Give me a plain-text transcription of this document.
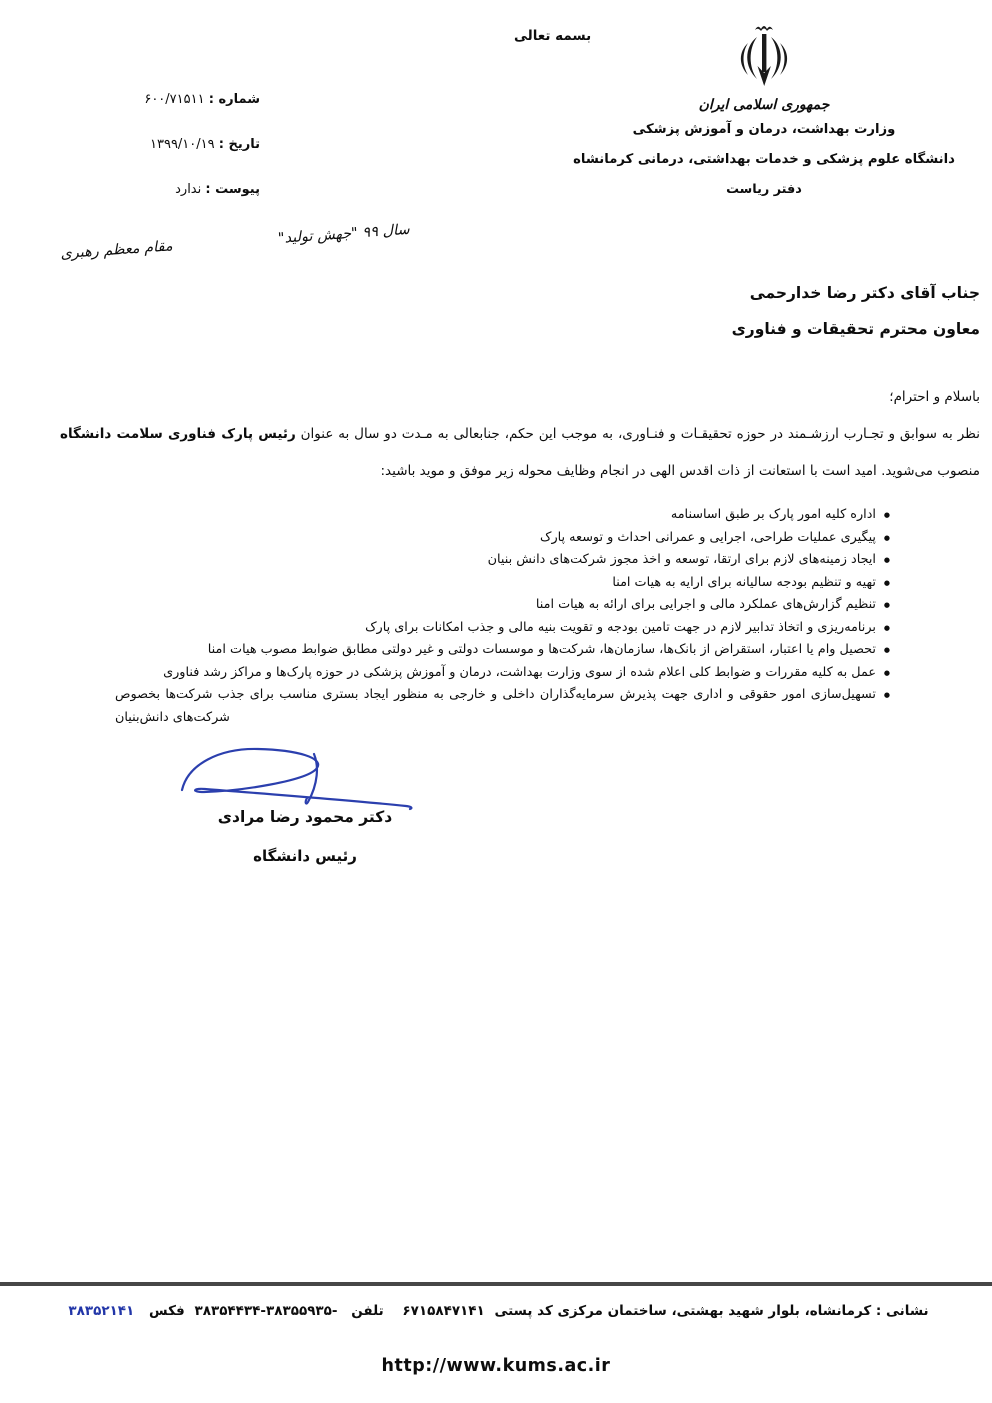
بسمه تعالی
جمهوری اسلامی ایران
وزارت بهداشت، درمان و آموزش پزشکی
دانشگاه علوم پزشکی و خدمات بهداشتی، درمانی کرمانشاه
دفتر ریاست
شماره : ۶۰۰/۷۱۵۱۱
تاریخ : ۱۳۹۹/۱۰/۱۹
پیوست : ندارد
سال ۹۹ "جهش تولید"
مقام معظم رهبری
جناب آقای دکتر رضا خدارحمی
معاون محترم تحقیقات و فناوری
باسلام و احترام؛

نظر به سوابق و تجـارب ارزشـمند در حوزه تحقیقـات و فنـاوری، به موجب این حکم، جنابعالی به مـدت دو سال به عنوان رئیس پارک فناوری سلامت دانشگاه منصوب می‌شوید. امید است با استعانت از ذات اقدس الهی در انجام وظایف محوله زیر موفق و موید باشید:

● اداره کلیه امور پارک بر طبق اساسنامه
● پیگیری عملیات طراحی، اجرایی و عمرانی احداث و توسعه پارک
● ایجاد زمینه‌های لازم برای ارتقا، توسعه و اخذ مجوز شرکت‌های دانش بنیان
● تهیه و تنظیم بودجه سالیانه برای ارایه به هیات امنا
● تنظیم گزارش‌های عملکرد مالی و اجرایی برای ارائه به هیات امنا
● برنامه‌ریزی و اتخاذ تدابیر لازم در جهت تامین بودجه و تقویت بنیه مالی و جذب امکانات برای پارک
● تحصیل وام یا اعتبار، استقراض از بانک‌ها، سازمان‌ها، شرکت‌ها و موسسات دولتی و غیر دولتی مطابق ضوابط مصوب هیات امنا
● عمل به کلیه مقررات و ضوابط کلی اعلام شده از سوی وزارت بهداشت، درمان و آموزش پزشکی در حوزه پارک‌ها و مراکز رشد فناوری
● تسهیل‌سازی امور حقوقی و اداری جهت پذیرش سرمایه‌گذاران داخلی و خارجی به منظور ایجاد بستری مناسب برای جذب شرکت‌ها بخصوص شرکت‌های دانش‌بنیان
دکتر محمود رضا مرادی
رئیس دانشگاه
نشانی : کرمانشاه، بلوار شهید بهشتی، ساختمان مرکزی کد پستی ۶۷۱۵۸۴۷۱۴۱ تلفن ۳۸۳۵۴۴۳۴-۳۸۳۵۵۹۳۵- فکس ۳۸۳۵۲۱۴۱
http://www.kums.ac.ir
